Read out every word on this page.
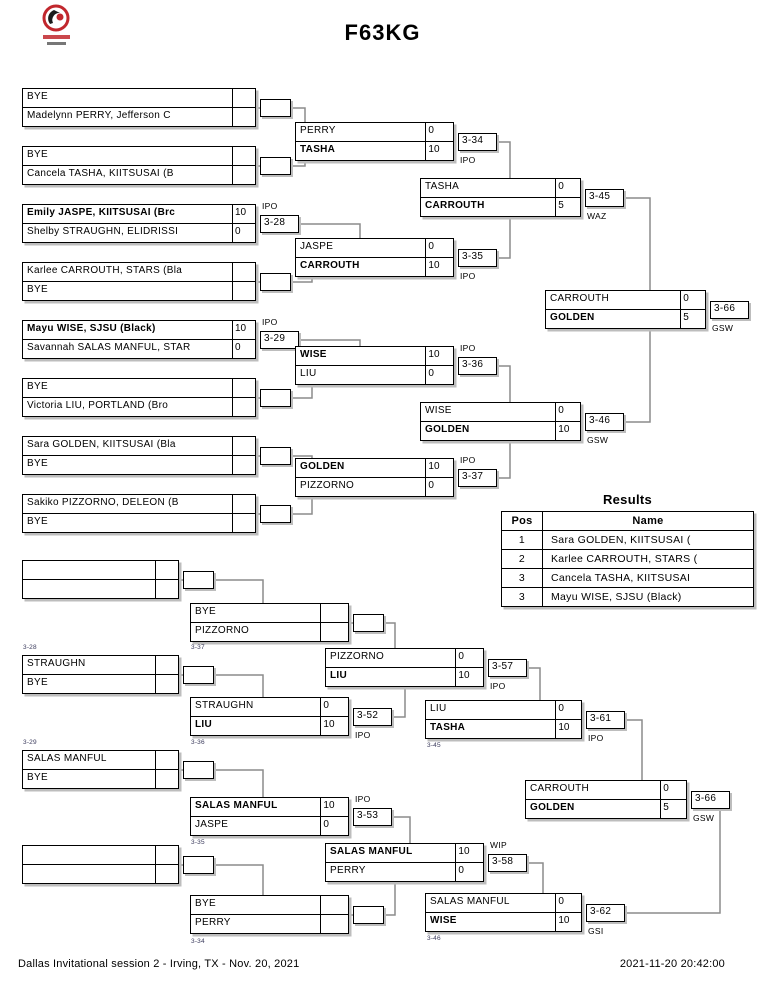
F63KG
BYE
Madelynn PERRY, Jefferson C
BYE
Cancela TASHA, KIITSUSAI (B
Emily JASPE, KIITSUSAI (Brc	10
Shelby STRAUGHN, ELIDRISSI	0
3-28
IPO
Karlee CARROUTH, STARS (Bla
BYE
Mayu WISE, SJSU (Black)	10
Savannah SALAS MANFUL, STAR	0
3-29
IPO
BYE
Victoria LIU, PORTLAND (Bro
Sara GOLDEN, KIITSUSAI (Bla
BYE
Sakiko PIZZORNO, DELEON (B
BYE
PERRY	0
TASHA	10
3-34
IPO
JASPE	0
CARROUTH	10
3-35
IPO
WISE	10
LIU	0
3-36
IPO
GOLDEN	10
PIZZORNO	0
3-37
IPO
TASHA	0
CARROUTH	5
3-45
WAZ
WISE	0
GOLDEN	10
3-46
GSW
CARROUTH	0
GOLDEN	5
3-66
GSW
Results
Pos	Name
1	Sara GOLDEN, KIITSUSAI (
2	Karlee CARROUTH, STARS (
3	Cancela TASHA, KIITSUSAI
3	Mayu WISE, SJSU (Black)
STRAUGHN
BYE
SALAS MANFUL
BYE
BYE
PIZZORNO
STRAUGHN	0
LIU	10
3-52
IPO
SALAS MANFUL	10
JASPE	0
3-53
IPO
BYE
PERRY
PIZZORNO	0
LIU	10
3-57
IPO
SALAS MANFUL	10
PERRY	0
3-58
WIP
LIU	0
TASHA	10
3-61
IPO
SALAS MANFUL	0
WISE	10
3-62
GSI
CARROUTH	0
GOLDEN	5
3-66
GSW
3-28
3-29
3-37
3-36
3-35
3-34
3-45
3-46
Dallas Invitational session 2 - Irving, TX - Nov. 20, 2021	2021-11-20 20:42:00
